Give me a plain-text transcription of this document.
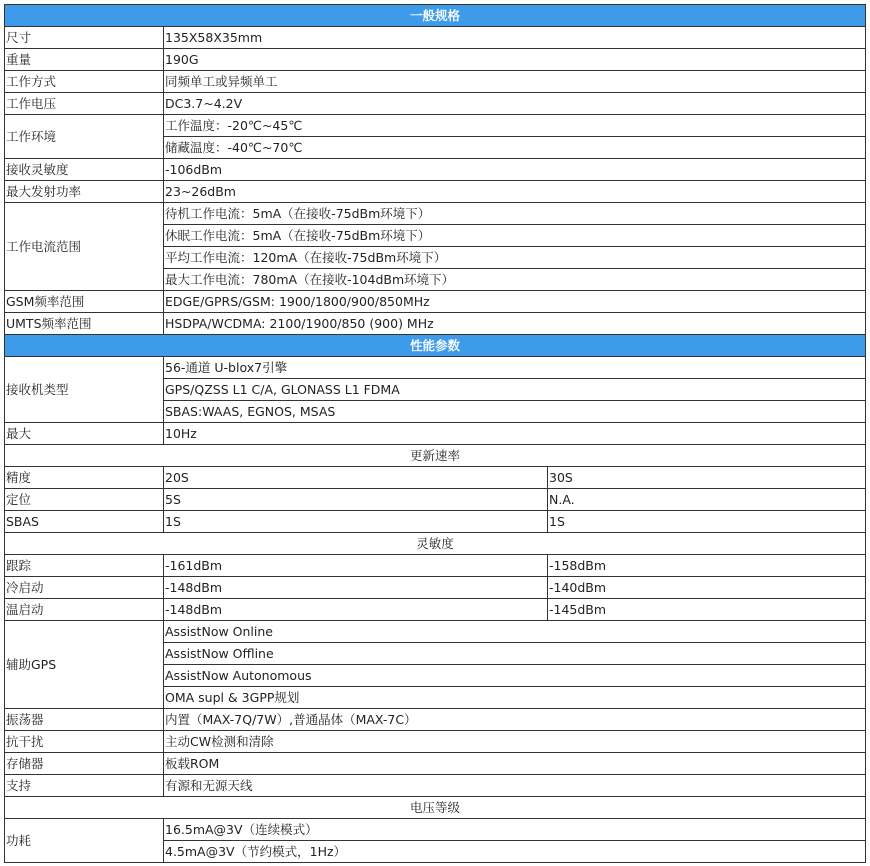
一般规格		
尺寸	135X58X35mm	
重量	190G	
工作方式	同频单工或异频单工	
工作电压	DC3.7~4.2V	
工作环境	工作温度：-20℃~45℃	
	储藏温度：-40℃~70℃	
接收灵敏度	-106dBm	
最大发射功率	23~26dBm	
工作电流范围	待机工作电流：5mA（在接收-75dBm环境下）	
	休眠工作电流：5mA（在接收-75dBm环境下）	
	平均工作电流：120mA（在接收-75dBm环境下）	
	最大工作电流：780mA（在接收-104dBm环境下）	
GSM频率范围	EDGE/GPRS/GSM: 1900/1800/900/850MHz	
UMTS频率范围	HSDPA/WCDMA: 2100/1900/850 (900) MHz	
性能参数		
接收机类型	56-通道 U-blox7引擎	
	GPS/QZSS L1 C/A, GLONASS L1 FDMA	
	SBAS:WAAS, EGNOS, MSAS	
最大	10Hz	
更新速率		
精度	20S	30S
定位	5S	N.A.
SBAS	1S	1S
灵敏度		
跟踪	-161dBm	-158dBm
冷启动	-148dBm	-140dBm
温启动	-148dBm	-145dBm
辅助GPS	AssistNow Online	
	AssistNow Offline	
	AssistNow Autonomous	
	OMA supl & 3GPP规划	
振荡器	内置（MAX-7Q/7W）,普通晶体（MAX-7C）	
抗干扰	主动CW检测和清除	
存储器	板载ROM	
支持	有源和无源天线	
电压等级		
功耗	16.5mA@3V（连续模式）	
	4.5mA@3V（节约模式，1Hz）	
